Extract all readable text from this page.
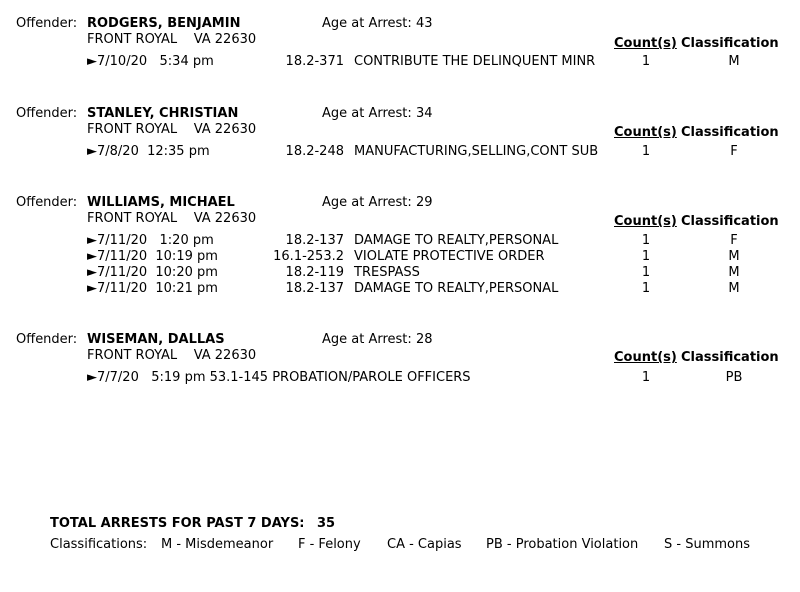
Offender: RODGERS, BENJAMIN	Age at Arrest: 43
FRONT ROYAL VA 22630	Count(s) Classification
►7/10/20 5:34 pm	18.2-371 CONTRIBUTE THE DELINQUENT MINR	1	M
Offender: STANLEY, CHRISTIAN	Age at Arrest: 34
FRONT ROYAL VA 22630	Count(s) Classification
►7/8/20 12:35 pm	18.2-248 MANUFACTURING,SELLING,CONT SUB	1	F
Offender: WILLIAMS, MICHAEL	Age at Arrest: 29
FRONT ROYAL VA 22630	Count(s) Classification
►7/11/20 1:20 pm	18.2-137 DAMAGE TO REALTY,PERSONAL	1	F
►7/11/20 10:19 pm	16.1-253.2 VIOLATE PROTECTIVE ORDER	1	M
►7/11/20 10:20 pm	18.2-119 TRESPASS	1	M
►7/11/20 10:21 pm	18.2-137 DAMAGE TO REALTY,PERSONAL	1	M
Offender: WISEMAN, DALLAS	Age at Arrest: 28
FRONT ROYAL VA 22630	Count(s) Classification
►7/7/20   5:19 pm 53.1-145 PROBATION/PAROLE OFFICERS	1	PB
TOTAL ARRESTS FOR PAST 7 DAYS: 35
Classifications: M - Misdemeanor F - Felony CA - Capias PB - Probation Violation S - Summons
